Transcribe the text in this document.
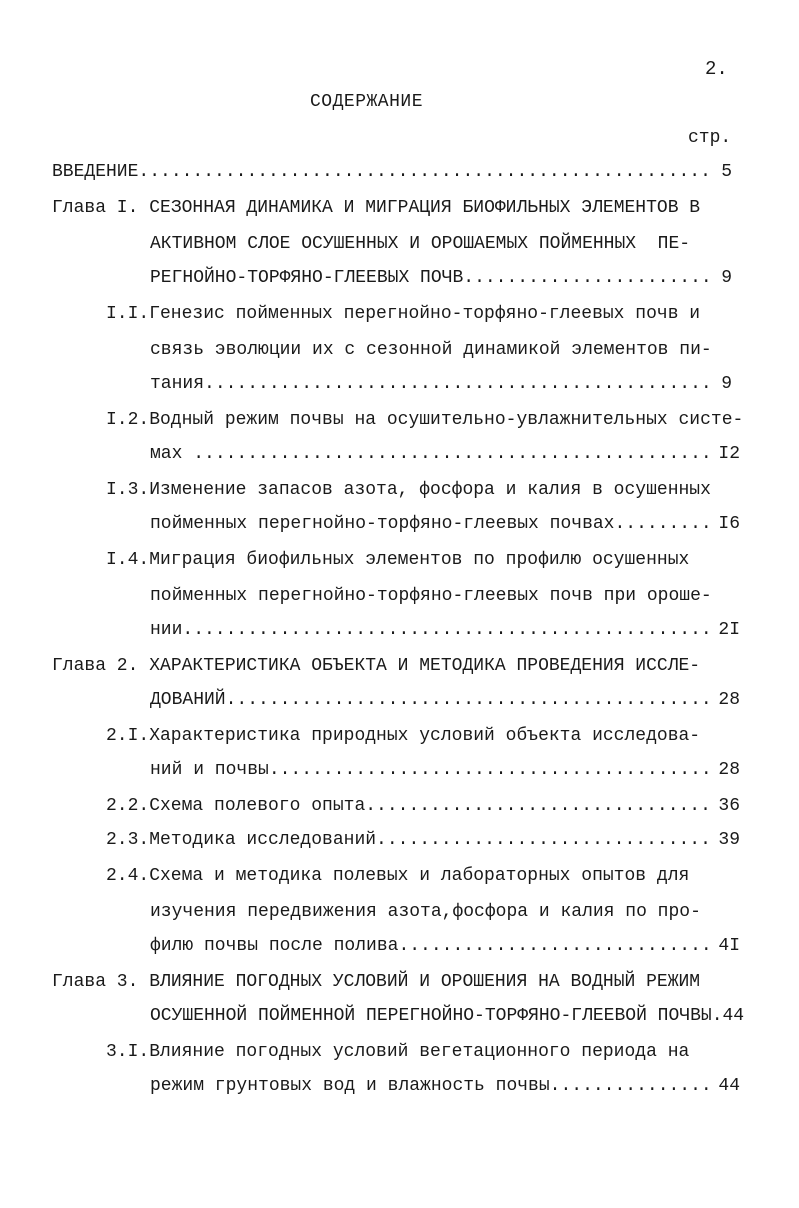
2.
СОДЕРЖАНИЕ
стр.
ВВЕДЕНИЕ .....	5
Глава I. СЕЗОННАЯ ДИНАМИКА И МИГРАЦИЯ БИОФИЛЬНЫХ ЭЛЕМЕНТОВ В
АКТИВНОМ СЛОЕ ОСУШЕННЫХ И ОРОШАЕМЫХ ПОЙМЕННЫХ  ПЕ-
РЕГНОЙНО-ТОРФЯНО-ГЛЕЕВЫХ ПОЧВ .....	9
I.I.Генезис пойменных перегнойно-торфяно-глеевых почв и
связь эволюции их с сезонной динамикой элементов пи-
тания .....	9
I.2.Водный режим почвы на осушительно-увлажнительных систе-
мах .....	I2
I.3.Изменение запасов азота, фосфора и калия в осушенных
пойменных перегнойно-торфяно-глеевых почвах .....	I6
I.4.Миграция биофильных элементов по профилю осушенных
пойменных перегнойно-торфяно-глеевых почв при ороше-
нии .....	2I
Глава 2. ХАРАКТЕРИСТИКА ОБЪЕКТА И МЕТОДИКА ПРОВЕДЕНИЯ ИССЛЕ-
ДОВАНИЙ .....	28
2.I.Характеристика природных условий объекта исследова-
ний и почвы .....	28
2.2.Схема полевого опыта .....	36
2.3.Методика исследований .....	39
2.4.Схема и методика полевых и лабораторных опытов для
изучения передвижения азота,фосфора и калия по про-
филю почвы после полива .....	4I
Глава 3. ВЛИЯНИЕ ПОГОДНЫХ УСЛОВИЙ И ОРОШЕНИЯ НА ВОДНЫЙ РЕЖИМ
ОСУШЕННОЙ ПОЙМЕННОЙ ПЕРЕГНОЙНО-ТОРФЯНО-ГЛЕЕВОЙ ПОЧВЫ. 44
3.I.Влияние погодных условий вегетационного периода на
режим грунтовых вод и влажность почвы .....	44
